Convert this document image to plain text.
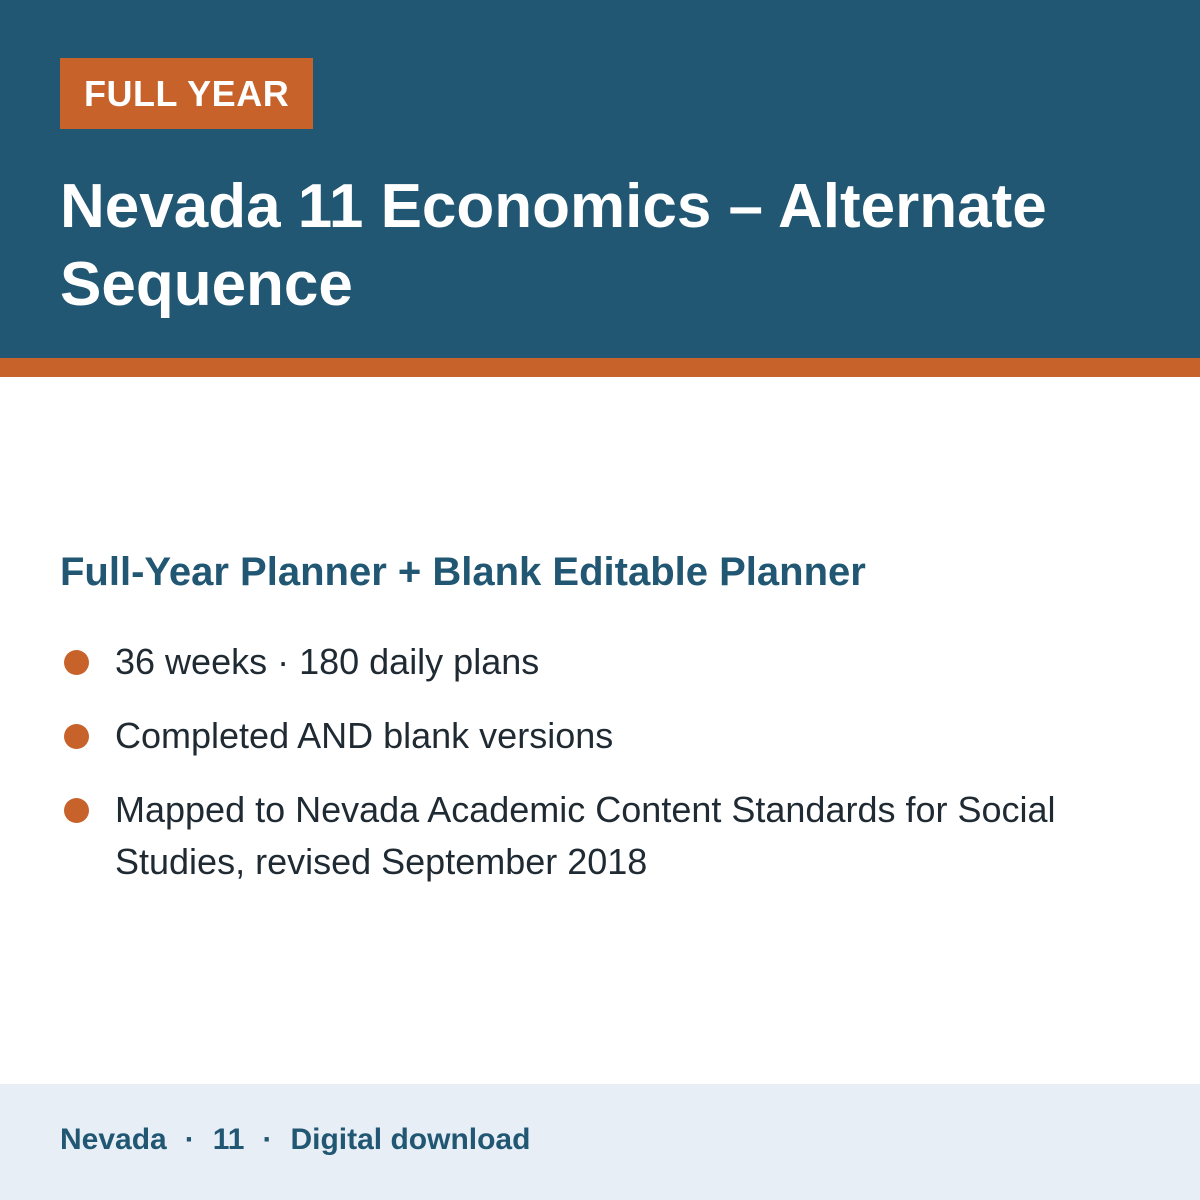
FULL YEAR
Nevada 11 Economics – Alternate Sequence
Full-Year Planner + Blank Editable Planner
36 weeks · 180 daily plans
Completed AND blank versions
Mapped to Nevada Academic Content Standards for Social Studies, revised September 2018
Nevada · 11 · Digital download
